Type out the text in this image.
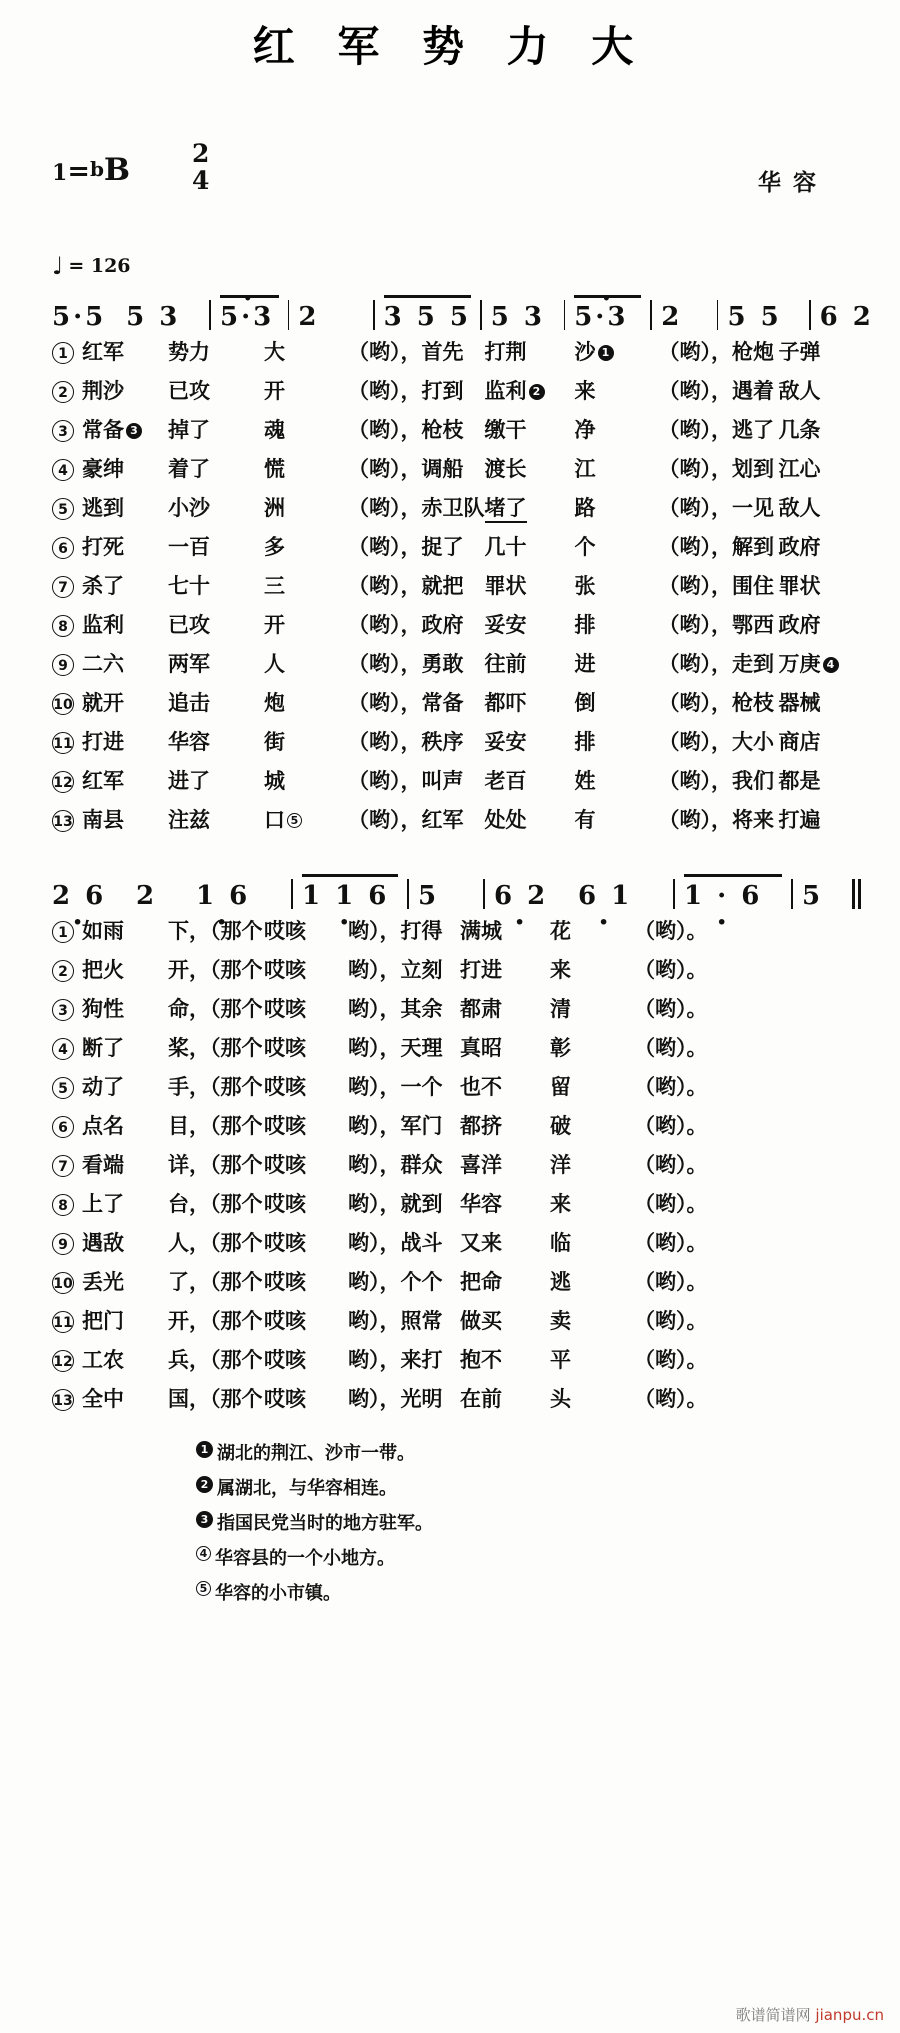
红 军 势 力 大
1=bB 2
4	华 容
♩ = 126
5·5 5 3 5·3
· 2 3 5 5 5 3 5·3
· 2 5 5 6 2
1	红军	势力	大	（哟），首先	打荆	沙 1	（哟），枪炮	子弹
2	荆沙	已攻	开	（哟），打到	监利 2	来	（哟），遇着	敌人
3	常备 3	掉了	魂	（哟），枪枝	缴干	净	（哟），逃了	几条
4	豪绅	着了	慌	（哟），调船	渡长	江	（哟），划到	江心
5	逃到	小沙	洲	（哟），赤卫队	堵了	路	（哟），一见	敌人
6	打死	一百	多	（哟），捉了	几十	个	（哟），解到	政府
7	杀了	七十	三	（哟），就把	罪状	张	（哟），围住	罪状
8	监利	已攻	开	（哟），政府	妥安	排	（哟），鄂西	政府
9	二六	两军	人	（哟），勇敢	往前	进	（哟），走到	万庚 4
10	就开	追击	炮	（哟），常备	都吓	倒	（哟），枪枝	器械
11	打进	华容	街	（哟），秩序	妥安	排	（哟），大小	商店
12	红军	进了	城	（哟），叫声	老百	姓	（哟），我们	都是
13	南县	注兹	口 5	（哟），红军	处处	有	（哟），将来	打遍
2 6 · 2 1 6 · 1 1 6 · 5 6 2 · 6 1 · 1 · 6 · 5
1	如雨	下，（那个	哎咳	哟），打得	满城	花	（哟）。
2	把火	开，（那个	哎咳	哟），立刻	打进	来	（哟）。
3	狗性	命，（那个	哎咳	哟），其余	都肃	清	（哟）。
4	断了	桨，（那个	哎咳	哟），天理	真昭	彰	（哟）。
5	动了	手，（那个	哎咳	哟），一个	也不	留	（哟）。
6	点名	目，（那个	哎咳	哟），军门	都挤	破	（哟）。
7	看端	详，（那个	哎咳	哟），群众	喜洋	洋	（哟）。
8	上了	台，（那个	哎咳	哟），就到	华容	来	（哟）。
9	遇敌	人，（那个	哎咳	哟），战斗	又来	临	（哟）。
10	丢光	了，（那个	哎咳	哟），个个	把命	逃	（哟）。
11	把门	开，（那个	哎咳	哟），照常	做买	卖	（哟）。
12	工农	兵，（那个	哎咳	哟），来打	抱不	平	（哟）。
13	全中	国，（那个	哎咳	哟），光明	在前	头	（哟）。
1 湖北的荆江、沙市一带。
2 属湖北，与华容相连。
3 指国民党当时的地方驻军。
4 华容县的一个小地方。
5 华容的小市镇。
歌谱简谱网 jianpu.cn
